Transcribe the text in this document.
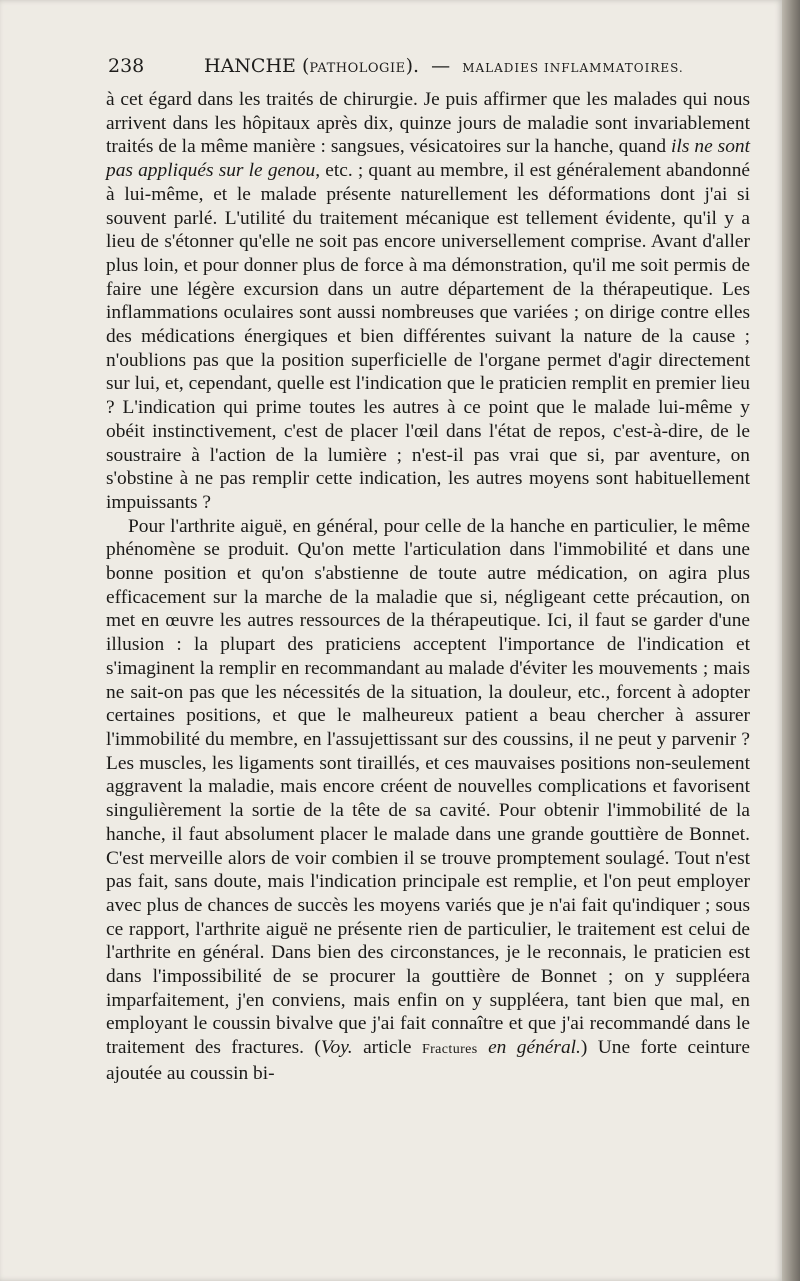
238	HANCHE (PATHOLOGIE). — MALADIES INFLAMMATOIRES.

à cet égard dans les traités de chirurgie. Je puis affirmer que les malades qui nous arrivent dans les hôpitaux après dix, quinze jours de maladie sont invariablement traités de la même manière : sangsues, vésicatoires sur la hanche, quand ils ne sont pas appliqués sur le genou, etc. ; quant au membre, il est généralement abandonné à lui-même, et le malade présente naturellement les déformations dont j'ai si souvent parlé. L'utilité du traitement mécanique est tellement évidente, qu'il y a lieu de s'étonner qu'elle ne soit pas encore universellement comprise. Avant d'aller plus loin, et pour donner plus de force à ma démonstration, qu'il me soit permis de faire une légère excursion dans un autre département de la thérapeutique. Les inflammations oculaires sont aussi nombreuses que variées ; on dirige contre elles des médications énergiques et bien différentes suivant la nature de la cause ; n'oublions pas que la position superficielle de l'organe permet d'agir directement sur lui, et, cependant, quelle est l'indication que le praticien remplit en premier lieu ? L'indication qui prime toutes les autres à ce point que le malade lui-même y obéit instinctivement, c'est de placer l'œil dans l'état de repos, c'est-à-dire, de le soustraire à l'action de la lumière ; n'est-il pas vrai que si, par aventure, on s'obstine à ne pas remplir cette indication, les autres moyens sont habituellement impuissants ?

Pour l'arthrite aiguë, en général, pour celle de la hanche en particulier, le même phénomène se produit. Qu'on mette l'articulation dans l'immobilité et dans une bonne position et qu'on s'abstienne de toute autre médication, on agira plus efficacement sur la marche de la maladie que si, négligeant cette précaution, on met en œuvre les autres ressources de la thérapeutique. Ici, il faut se garder d'une illusion : la plupart des praticiens acceptent l'importance de l'indication et s'imaginent la remplir en recommandant au malade d'éviter les mouvements ; mais ne sait-on pas que les nécessités de la situation, la douleur, etc., forcent à adopter certaines positions, et que le malheureux patient a beau chercher à assurer l'immobilité du membre, en l'assujettissant sur des coussins, il ne peut y parvenir ? Les muscles, les ligaments sont tiraillés, et ces mauvaises positions non-seulement aggravent la maladie, mais encore créent de nouvelles complications et favorisent singulièrement la sortie de la tête de sa cavité. Pour obtenir l'immobilité de la hanche, il faut absolument placer le malade dans une grande gouttière de Bonnet. C'est merveille alors de voir combien il se trouve promptement soulagé. Tout n'est pas fait, sans doute, mais l'indication principale est remplie, et l'on peut employer avec plus de chances de succès les moyens variés que je n'ai fait qu'indiquer ; sous ce rapport, l'arthrite aiguë ne présente rien de particulier, le traitement est celui de l'arthrite en général. Dans bien des circonstances, je le reconnais, le praticien est dans l'impossibilité de se procurer la gouttière de Bonnet ; on y suppléera imparfaitement, j'en conviens, mais enfin on y suppléera, tant bien que mal, en employant le coussin bivalve que j'ai fait connaître et que j'ai recommandé dans le traitement des fractures. (Voy. article Fractures en général.) Une forte ceinture ajoutée au coussin bi-
